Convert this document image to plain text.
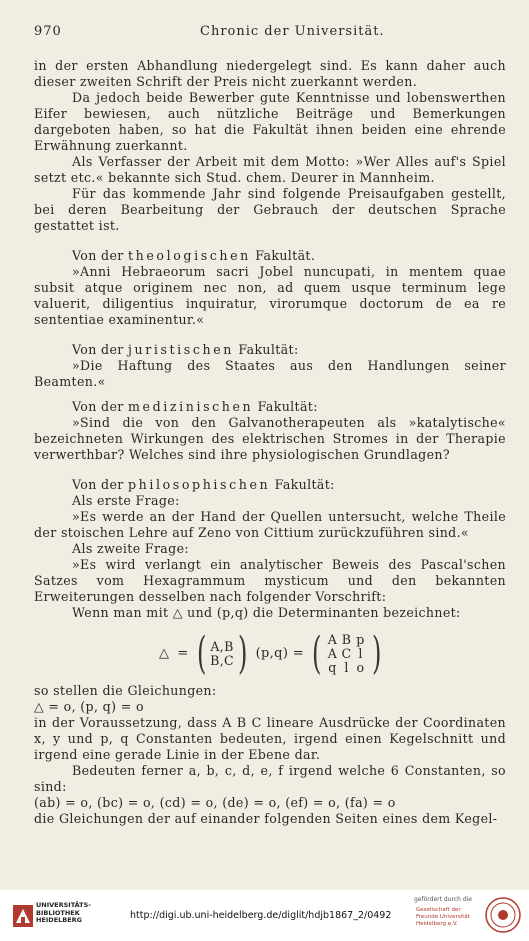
970	Chronic der Universität.

in der ersten Abhandlung niedergelegt sind. Es kann daher auch dieser zweiten Schrift der Preis nicht zuerkannt werden.

Da jedoch beide Bewerber gute Kenntnisse und lobenswerthen Eifer bewiesen, auch nützliche Beiträge und Bemerkungen dargeboten haben, so hat die Fakultät ihnen beiden eine ehrende Erwähnung zuerkannt.

Als Verfasser der Arbeit mit dem Motto: »Wer Alles auf's Spiel setzt etc.« bekannte sich Stud. chem. Deurer in Mannheim.

Für das kommende Jahr sind folgende Preisaufgaben gestellt, bei deren Bearbeitung der Gebrauch der deutschen Sprache gestattet ist.

Von der theologischen Fakultät.

»Anni Hebraeorum sacri Jobel nuncupati, in mentem quae subsit atque originem nec non, ad quem usque terminum lege valuerit, diligentius inquiratur, virorumque doctorum de ea re sententiae examinentur.«

Von der juristischen Fakultät:

»Die Haftung des Staates aus den Handlungen seiner Beamten.«

Von der medizinischen Fakultät:

»Sind die von den Galvanotherapeuten als »katalytische« bezeichneten Wirkungen des elektrischen Stromes in der Therapie verwerthbar? Welches sind ihre physiologischen Grundlagen?

Von der philosophischen Fakultät:

Als erste Frage:

»Es werde an der Hand der Quellen untersucht, welche Theile der stoischen Lehre auf Zeno von Cittium zurückzuführen sind.«

Als zweite Frage:

»Es wird verlangt ein analytischer Beweis des Pascal'schen Satzes vom Hexagrammum mysticum und den bekannten Erweiterungen desselben nach folgender Vorschrift:

Wenn man mit △ und (p,q) die Determinanten bezeichnet:

△ = ( A,B
B,C ) (p,q) = ( A B p
A C l
q l o )

so stellen die Gleichungen:

△ = o, (p, q) = o

in der Voraussetzung, dass A B C lineare Ausdrücke der Coordinaten x, y und p, q Constanten bedeuten, irgend einen Kegelschnitt und irgend eine gerade Linie in der Ebene dar.

Bedeuten ferner a, b, c, d, e, f irgend welche 6 Constanten, so sind:

(ab) = o, (bc) = o, (cd) = o, (de) = o, (ef) = o, (fa) = o

die Gleichungen der auf einander folgenden Seiten eines dem Kegel-

UNIVERSITÄTS- BIBLIOTHEK HEIDELBERG	http://digi.ub.uni-heidelberg.de/diglit/hdjb1867_2/0492
gefördert durch die
Gesellschaft der Freunde Universität Heidelberg e.V.
